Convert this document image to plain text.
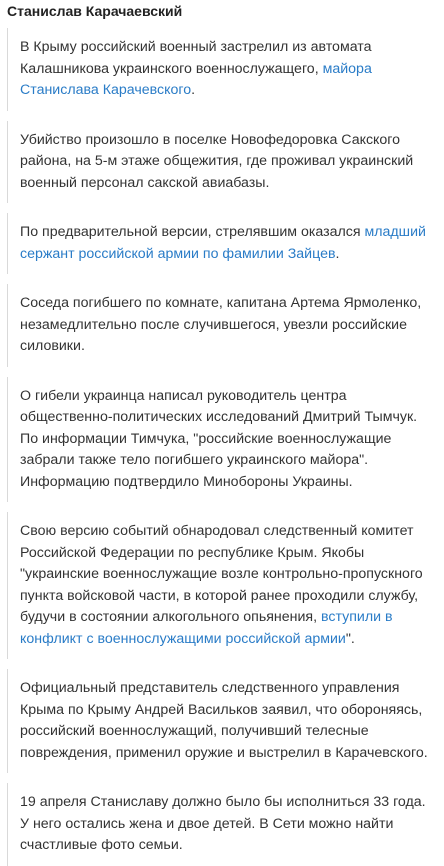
Станислав Карачаевский

В Крыму российский военный застрелил из автомата Калашникова украинского военнослужащего, майора Станислава Карачевского.

Убийство произошло в поселке Новофедоровка Сакского района, на 5-м этаже общежития, где проживал украинский военный персонал сакской авиабазы.

По предварительной версии, стрелявшим оказался младший сержант российской армии по фамилии Зайцев.

Соседа погибшего по комнате, капитана Артема Ярмоленко, незамедлительно после случившегося, увезли российские силовики.

О гибели украинца написал руководитель центра общественно-политических исследований Дмитрий Тымчук. По информации Тимчука, "российские военнослужащие забрали также тело погибшего украинского майора". Информацию подтвердило Минобороны Украины.

Свою версию событий обнародовал следственный комитет Российской Федерации по республике Крым. Якобы "украинские военнослужащие возле контрольно-пропускного пункта войсковой части, в которой ранее проходили службу, будучи в состоянии алкогольного опьянения, вступили в конфликт с военнослужащими российской армии".

Официальный представитель следственного управления Крыма по Крыму Андрей Васильков заявил, что обороняясь, российский военнослужащий, получивший телесные повреждения, применил оружие и выстрелил в Карачевского.

19 апреля Станиславу должно было бы исполниться 33 года. У него остались жена и двое детей. В Сети можно найти счастливые фото семьи.
